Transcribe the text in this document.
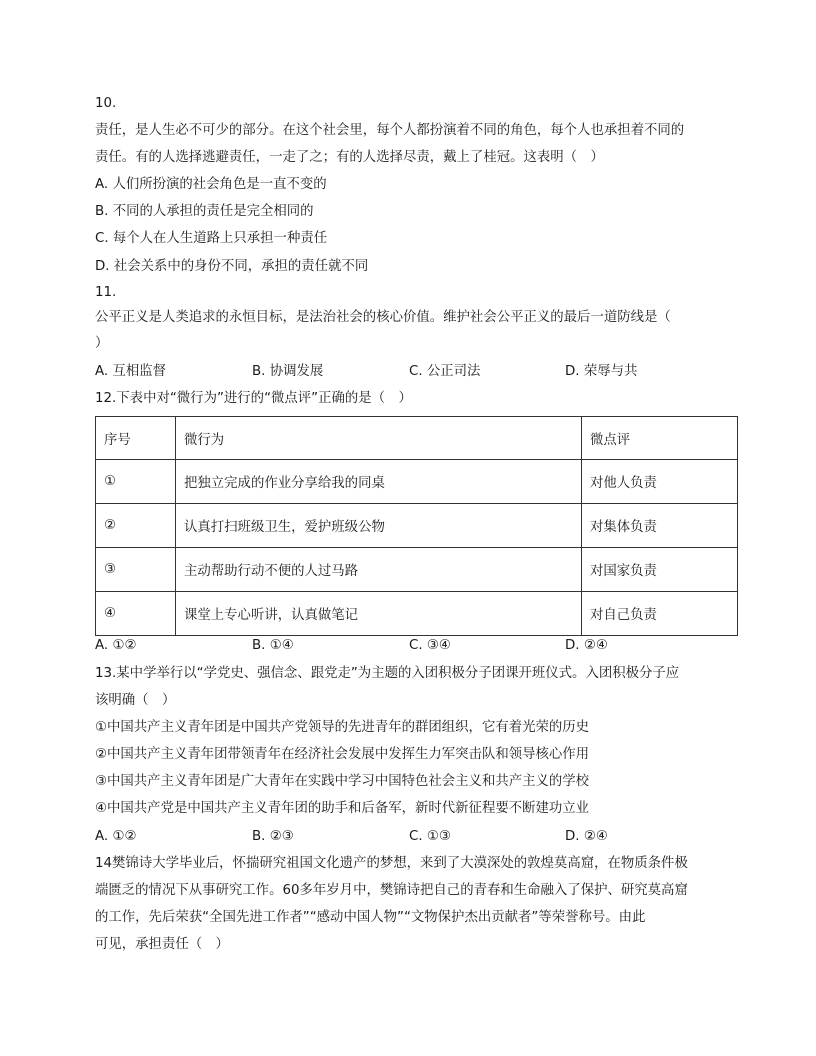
10.
责任，是人生必不可少的部分。在这个社会里，每个人都扮演着不同的角色，每个人也承担着不同的
责任。有的人选择逃避责任，一走了之；有的人选择尽责，戴上了桂冠。这表明（　）
A. 人们所扮演的社会角色是一直不变的
B. 不同的人承担的责任是完全相同的
C. 每个人在人生道路上只承担一种责任
D. 社会关系中的身份不同，承担的责任就不同
11.
公平正义是人类追求的永恒目标，是法治社会的核心价值。维护社会公平正义的最后一道防线是（
）
A. 互相监督	B. 协调发展	C. 公正司法	D. 荣辱与共
12.下表中对“微行为”进行的“微点评”正确的是（　）
序号	微行为	微点评
①	把独立完成的作业分享给我的同桌	对他人负责
②	认真打扫班级卫生，爱护班级公物	对集体负责
③	主动帮助行动不便的人过马路	对国家负责
④	课堂上专心听讲，认真做笔记	对自己负责
A. ①②	B. ①④	C. ③④	D. ②④
13.某中学举行以“学党史、强信念、跟党走”为主题的入团积极分子团课开班仪式。入团积极分子应
该明确（　）
①中国共产主义青年团是中国共产党领导的先进青年的群团组织，它有着光荣的历史
②中国共产主义青年团带领青年在经济社会发展中发挥生力军突击队和领导核心作用
③中国共产主义青年团是广大青年在实践中学习中国特色社会主义和共产主义的学校
④中国共产党是中国共产主义青年团的助手和后备军，新时代新征程要不断建功立业
A. ①②	B. ②③	C. ①③	D. ②④
14樊锦诗大学毕业后，怀揣研究祖国文化遗产的梦想，来到了大漠深处的敦煌莫高窟，在物质条件极
端匮乏的情况下从事研究工作。60多年岁月中，樊锦诗把自己的青春和生命融入了保护、研究莫高窟
的工作，先后荣获“全国先进工作者”“感动中国人物”“文物保护杰出贡献者”等荣誉称号。由此
可见，承担责任（　）
